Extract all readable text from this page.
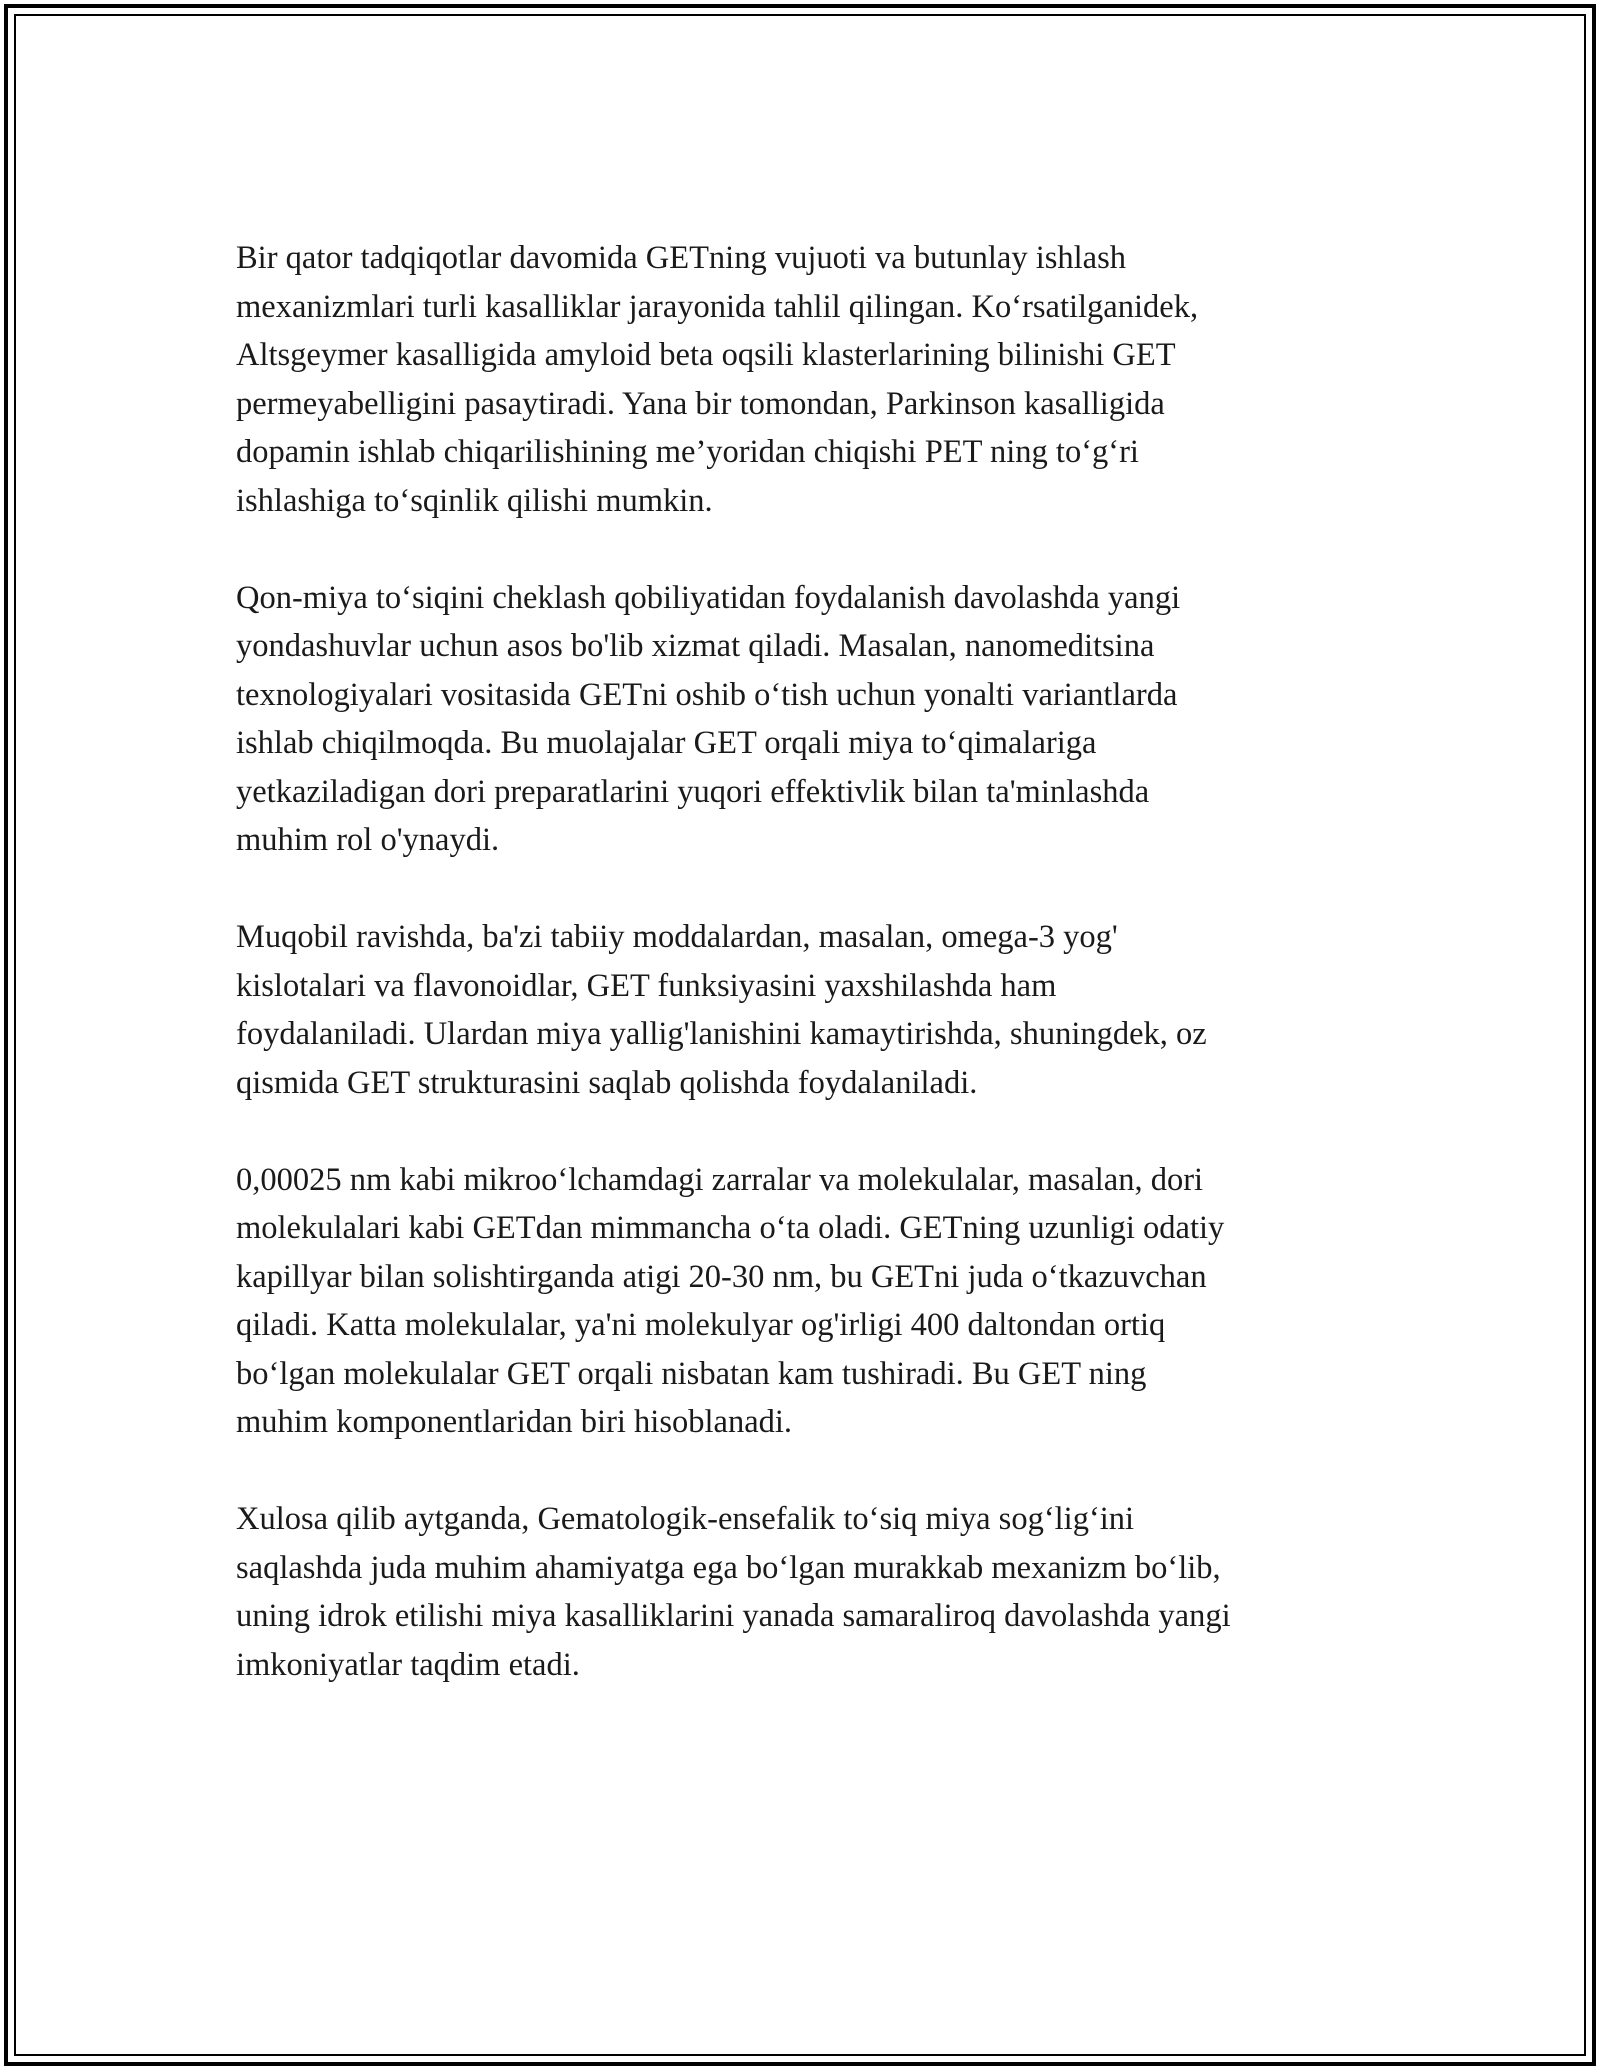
Bir qator tadqiqotlar davomida GETning vujuoti va butunlay ishlash
mexanizmlari turli kasalliklar jarayonida tahlil qilingan. Koʻrsatilganidek,
Altsgeymer kasalligida amyloid beta oqsili klasterlarining bilinishi GET
permeyabelligini pasaytiradi. Yana bir tomondan, Parkinson kasalligida
dopamin ishlab chiqarilishining me’yoridan chiqishi PET ning toʻgʻri
ishlashiga toʻsqinlik qilishi mumkin.

Qon-miya toʻsiqini cheklash qobiliyatidan foydalanish davolashda yangi
yondashuvlar uchun asos bo'lib xizmat qiladi. Masalan, nanomeditsina
texnologiyalari vositasida GETni oshib oʻtish uchun yonalti variantlarda
ishlab chiqilmoqda. Bu muolajalar GET orqali miya toʻqimalariga
yetkaziladigan dori preparatlarini yuqori effektivlik bilan ta'minlashda
muhim rol o'ynaydi.

Muqobil ravishda, ba'zi tabiiy moddalardan, masalan, omega-3 yog'
kislotalari va flavonoidlar, GET funksiyasini yaxshilashda ham
foydalaniladi. Ulardan miya yallig'lanishini kamaytirishda, shuningdek, oz
qismida GET strukturasini saqlab qolishda foydalaniladi.

0,00025 nm kabi mikrooʻlchamdagi zarralar va molekulalar, masalan, dori
molekulalari kabi GETdan mimmancha oʻta oladi. GETning uzunligi odatiy
kapillyar bilan solishtirganda atigi 20-30 nm, bu GETni juda oʻtkazuvchan
qiladi. Katta molekulalar, ya'ni molekulyar og'irligi 400 daltondan ortiq
boʻlgan molekulalar GET orqali nisbatan kam tushiradi. Bu GET ning
muhim komponentlaridan biri hisoblanadi.

Xulosa qilib aytganda, Gematologik-ensefalik toʻsiq miya sogʻligʻini
saqlashda juda muhim ahamiyatga ega boʻlgan murakkab mexanizm boʻlib,
uning idrok etilishi miya kasalliklarini yanada samaraliroq davolashda yangi
imkoniyatlar taqdim etadi.
